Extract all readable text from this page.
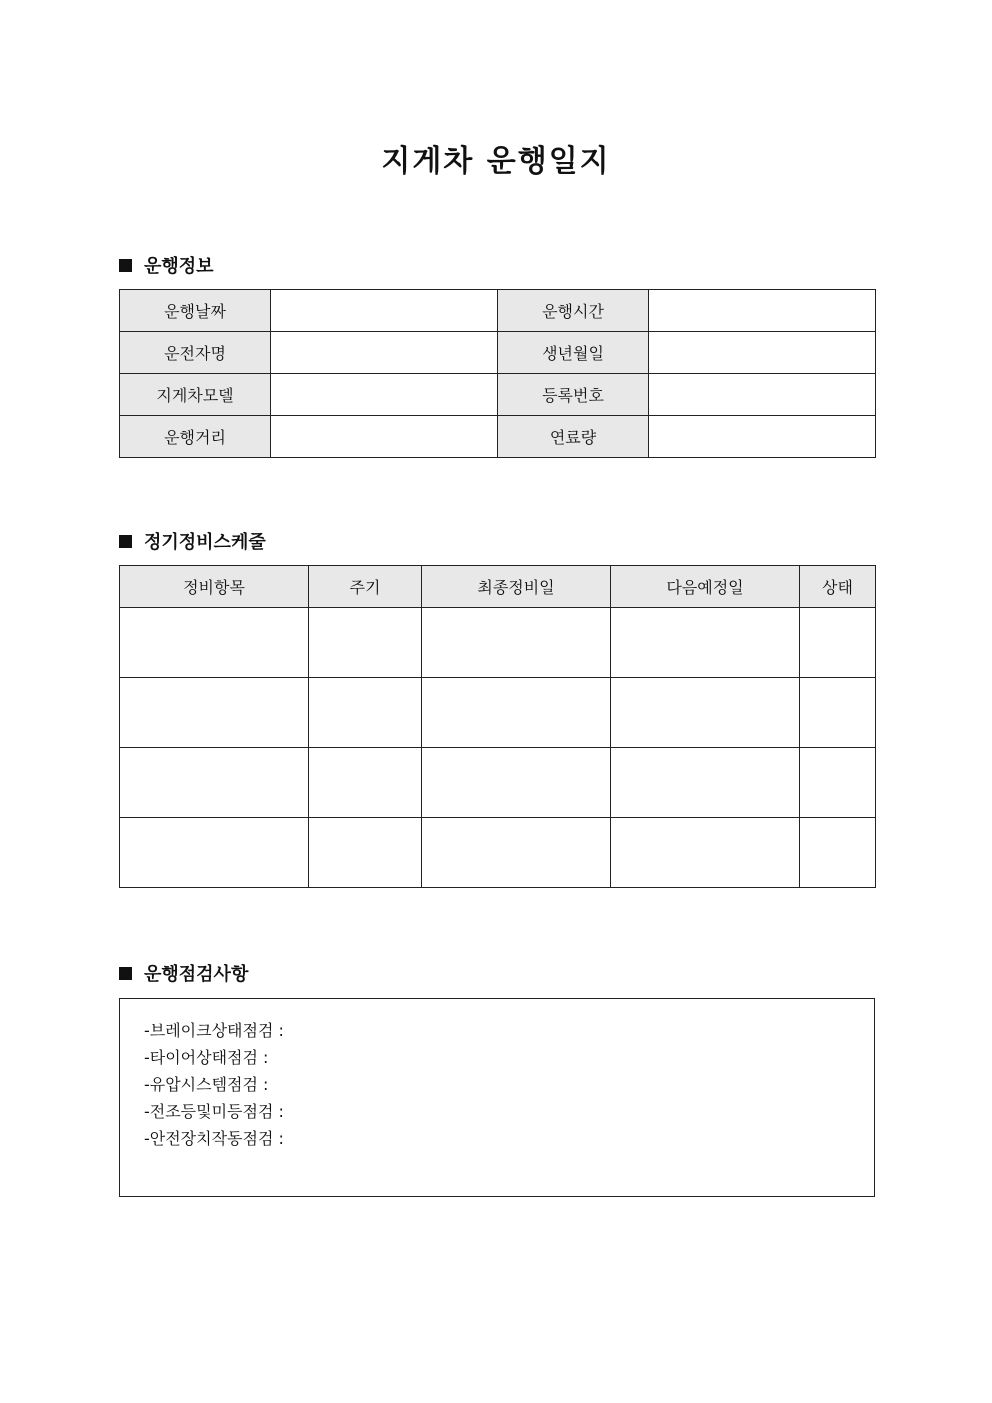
지게차 운행일지
운행정보
운행날짜		운행시간	
운전자명		생년월일	
지게차모델		등록번호	
운행거리		연료량	
정기정비스케줄
정비항목	주기	최종정비일	다음예정일	상태

운행점검사항
-브레이크상태점검 :
-타이어상태점검 :
-유압시스템점검 :
-전조등및미등점검 :
-안전장치작동점검 :
